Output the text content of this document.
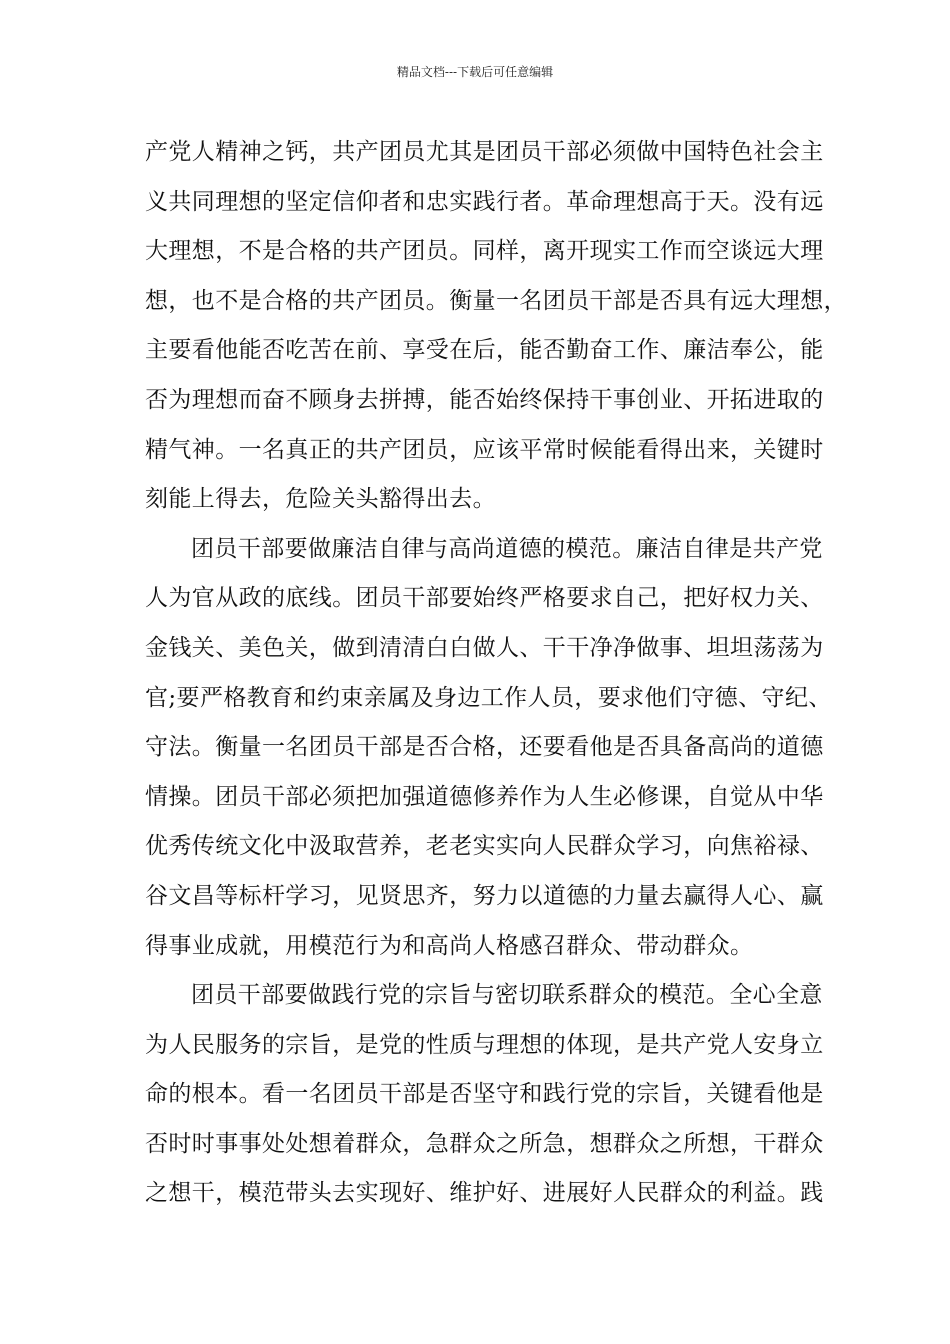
精品文档---下载后可任意编辑
产党人精神之钙，共产团员尤其是团员干部必须做中国特色社会主
义共同理想的坚定信仰者和忠实践行者。革命理想高于天。没有远
大理想，不是合格的共产团员。同样，离开现实工作而空谈远大理
想，也不是合格的共产团员。衡量一名团员干部是否具有远大理想，
主要看他能否吃苦在前、享受在后，能否勤奋工作、廉洁奉公，能
否为理想而奋不顾身去拼搏，能否始终保持干事创业、开拓进取的
精气神。一名真正的共产团员，应该平常时候能看得出来，关键时
刻能上得去，危险关头豁得出去。
团员干部要做廉洁自律与高尚道德的模范。廉洁自律是共产党
人为官从政的底线。团员干部要始终严格要求自己，把好权力关、
金钱关、美色关，做到清清白白做人、干干净净做事、坦坦荡荡为
官;要严格教育和约束亲属及身边工作人员，要求他们守德、守纪、
守法。衡量一名团员干部是否合格，还要看他是否具备高尚的道德
情操。团员干部必须把加强道德修养作为人生必修课，自觉从中华
优秀传统文化中汲取营养，老老实实向人民群众学习，向焦裕禄、
谷文昌等标杆学习，见贤思齐，努力以道德的力量去赢得人心、赢
得事业成就，用模范行为和高尚人格感召群众、带动群众。
团员干部要做践行党的宗旨与密切联系群众的模范。全心全意
为人民服务的宗旨，是党的性质与理想的体现，是共产党人安身立
命的根本。看一名团员干部是否坚守和践行党的宗旨，关键看他是
否时时事事处处想着群众，急群众之所急，想群众之所想，干群众
之想干，模范带头去实现好、维护好、进展好人民群众的利益。践
